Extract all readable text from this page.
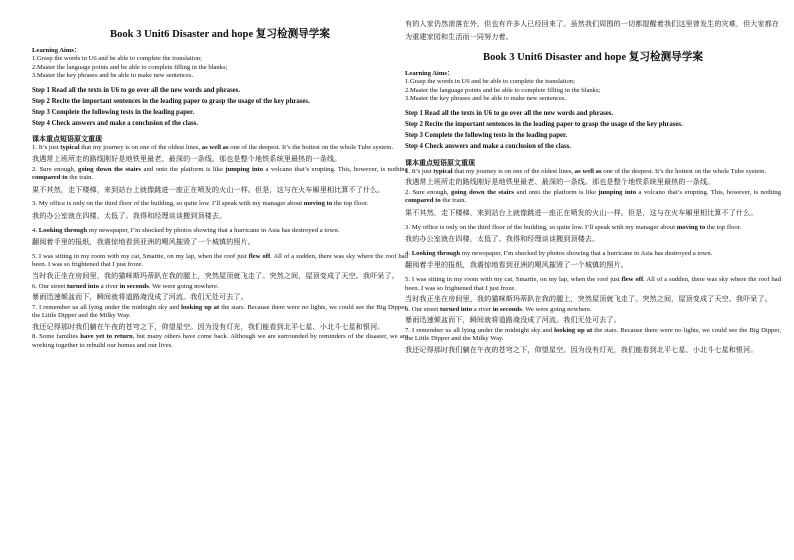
Book 3 Unit6 Disaster and hope 复习检测导学案

Learning Aims：

1.Grasp the words in U6 and be able to complete the translation;

2.Master the language points and be able to complete filling in the blanks;

3.Master the key phrases and be able to make new sentences.

Step 1 Read all the texts in U6 to go over all the new words and phrases.

Step 2 Recite the important sentences in the leading paper to grasp the usage of the key phrases.

Step 3 Complete the following tests in the leading paper.

Step 4 Check answers and make a conclusion of the class.

课本重点短语原文重现

1. It’s just typical that my journey is on one of the oldest lines, as well as one of the deepest. It’s the hottest on the whole Tube system.

我遇常上班所走的路线刚好是地铁里最老、最深的一条线。那也是整个地铁系统里最热的一条线。

2. Sure enough, going down the stairs and onto the platform is like jumping into a volcano that’s erupting. This, however, is nothing compared to the train.

果不其然，走下楼梯，来到站台上就像跳进一座正在喷发的火山一样。但是，这与在火车厢里相比算不了什么。

3. My office is only on the third floor of the building, so quite low. I’ll speak with my manager about moving to the top floor.

我的办公室就在四楼，太低了。我得和经理谈谈搬到顶楼去。

4. Looking through my newspaper, I’m shocked by photos showing that a hurricane in Asia has destroyed a town.

翻阅着手里的报纸，我震惊地看到亚洲的飓风摧毁了一个城镇的照片。

5. I was sitting in my room with my cat, Smartie, on my lap, when the roof just flew off. All of a sudden, there was sky where the roof had been. I was so frightened that I just froze.

当时我正坐在房间里，我的猫咪斯玛蒂趴在我的腿上，突然屋顶就飞走了。突然之间，屋顶变成了天空。我吓呆了。

6. Our street turned into a river in seconds. We were going nowhere.

暴雨迅速倾盆而下，瞬间就将道路淹没成了河流。我们无处可去了。

7. I remember us all lying under the midnight sky and looking up at the stars. Because there were no lights, we could see the Big Dipper, the Little Dipper and the Milky Way.

我还记得那时我们躺在午夜的苍穹之下，仰望星空。因为没有灯光，我们能看到北平七星、小北斗七星和银河。

8. Some families have yet to return, but many others have come back. Although we are surrounded by reminders of the disaster, we are working together to rebuild our homes and our lives.

有的人家仍然滚落在外，但也有许多人已经回来了。虽然我们周围的一切都提醒着我们这里曾发生的灾难，但大家都在为重建家园和生活而一同努力着。

Book 3 Unit6 Disaster and hope 复习检测导学案

Learning Aims：

1.Grasp the words in U6 and be able to complete the translation;

2.Master the language points and be able to complete filling in the blanks;

3.Master the key phrases and be able to make new sentences.

Step 1 Read all the texts in U6 to go over all the new words and phrases.

Step 2 Recite the important sentences in the leading paper to grasp the usage of the key phrases.

Step 3 Complete the following tests in the leading paper.

Step 4 Check answers and make a conclusion of the class.

课本重点短语原文重现

1. It’s just typical that my journey is on one of the oldest lines, as well as one of the deepest. It’s the hottest on the whole Tube system.

我遇常上班所走的路线刚好是地铁里最老、最深的一条线。那也是整个地铁系统里最热的一条线。

2. Sure enough, going down the stairs and onto the platform is like jumping into a volcano that’s erupting. This, however, is nothing compared to the train.

果不其然，走下楼梯，来到站台上就像跳进一座正在喷发的火山一样。但是，这与在火车厢里相比算不了什么。

3. My office is only on the third floor of the building, so quite low. I’ll speak with my manager about moving to the top floor.

我的办公室就在四楼，太低了。我得和经理谈谈搬到顶楼去。

4. Looking through my newspaper, I’m shocked by photos showing that a hurricane in Asia has destroyed a town.

翻阅着手里的报纸，我震惊地看到亚洲的飓风摧毁了一个城镇的照片。

5. I was sitting in my room with my cat, Smartie, on my lap, when the roof just flew off. All of a sudden, there was sky where the roof had been. I was so frightened that I just froze.

当时我正坐在房间里，我的猫咪斯玛蒂趴在我的腿上，突然屋顶就飞走了。突然之间，屋顶变成了天空。我吓呆了。

6. Our street turned into a river in seconds. We were going nowhere.

暴雨迅速倾盆而下，瞬间就将道路淹没成了河流。我们无处可去了。

7. I remember us all lying under the midnight sky and looking up at the stars. Because there were no lights, we could see the Big Dipper, the Little Dipper and the Milky Way.

我还记得那时我们躺在午夜的苍穹之下，仰望星空。因为没有灯光，我们能看到北平七星、小北斗七星和银河。
